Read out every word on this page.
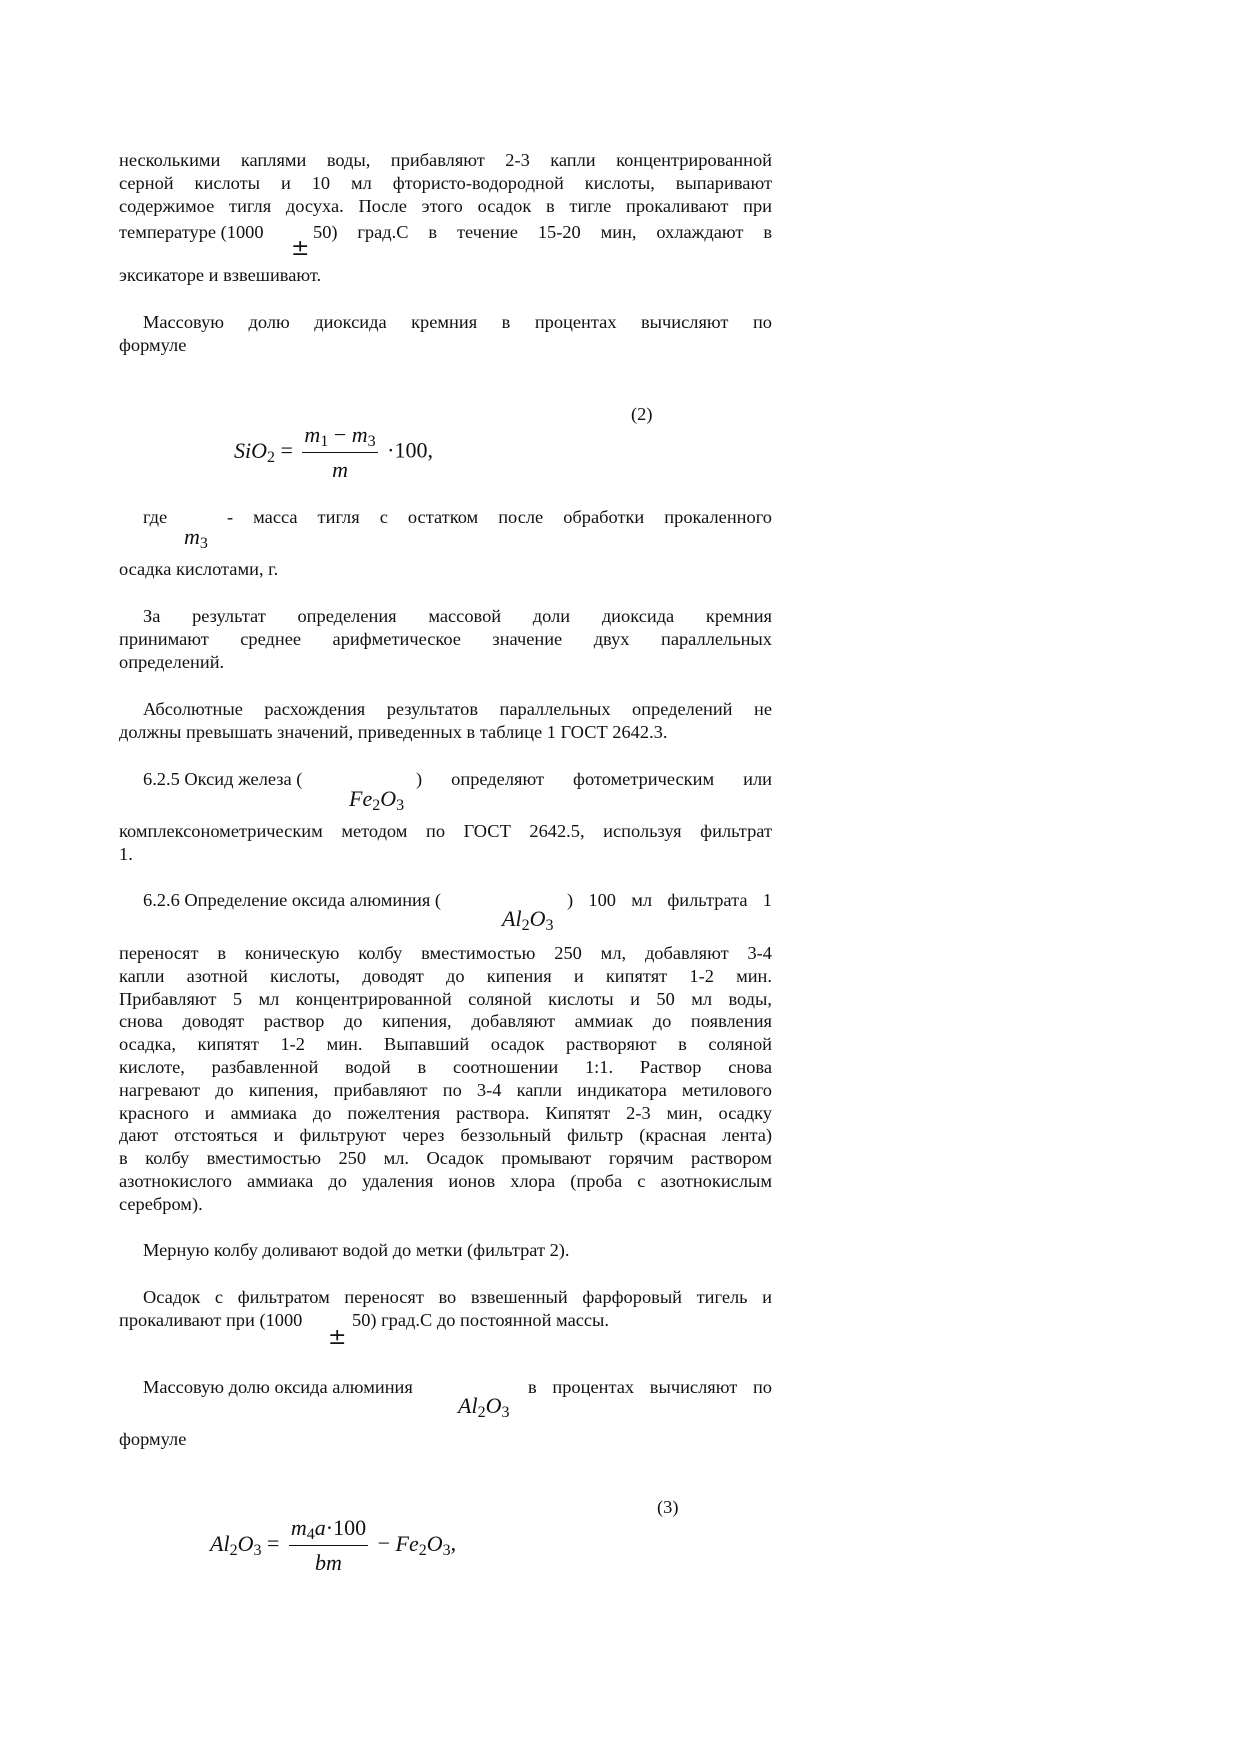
несколькими каплями воды, прибавляют 2-3 капли концентрированной
серной кислоты и 10 мл фтористо-водородной кислоты, выпаривают
содержимое тигля досуха. После этого осадок в тигле прокаливают при
температуре (1000	50) град.С в течение 15-20 мин, охлаждают в
±
эксикаторе и взвешивают.
Массовую долю диоксида кремния в процентах вычисляют по
формуле
(2)
$SiO_2 = \frac{m_1 - m_3}{m} \cdot 100$,
где	- масса тигля с остатком после обработки прокаленного
$m_3$
осадка кислотами, г.
За результат определения массовой доли диоксида кремния
принимают среднее арифметическое значение двух параллельных
определений.
Абсолютные расхождения результатов параллельных определений не
должны превышать значений, приведенных в таблице 1 ГОСТ 2642.3.
6.2.5 Оксид железа (	) определяют фотометрическим или
$Fe_2O_3$
комплексонометрическим методом по ГОСТ 2642.5, используя фильтрат
1.
6.2.6 Определение оксида алюминия (	) 100 мл фильтрата 1
$Al_2O_3$
переносят в коническую колбу вместимостью 250 мл, добавляют 3-4
капли азотной кислоты, доводят до кипения и кипятят 1-2 мин.
Прибавляют 5 мл концентрированной соляной кислоты и 50 мл воды,
снова доводят раствор до кипения, добавляют аммиак до появления
осадка, кипятят 1-2 мин. Выпавший осадок растворяют в соляной
кислоте, разбавленной водой в соотношении 1:1. Раствор снова
нагревают до кипения, прибавляют по 3-4 капли индикатора метилового
красного и аммиака до пожелтения раствора. Кипятят 2-3 мин, осадку
дают отстояться и фильтруют через беззольный фильтр (красная лента)
в колбу вместимостью 250 мл. Осадок промывают горячим раствором
азотнокислого аммиака до удаления ионов хлора (проба с азотнокислым
серебром).
Мерную колбу доливают водой до метки (фильтрат 2).
Осадок с фильтратом переносят во взвешенный фарфоровый тигель и
прокаливают при (1000	50) град.С до постоянной массы.
±
Массовую долю оксида алюминия	в процентах вычисляют по
$Al_2O_3$
формуле
(3)
$Al_2O_3 = \frac{m_4a\cdot 100}{bm} - Fe_2O_3$,
